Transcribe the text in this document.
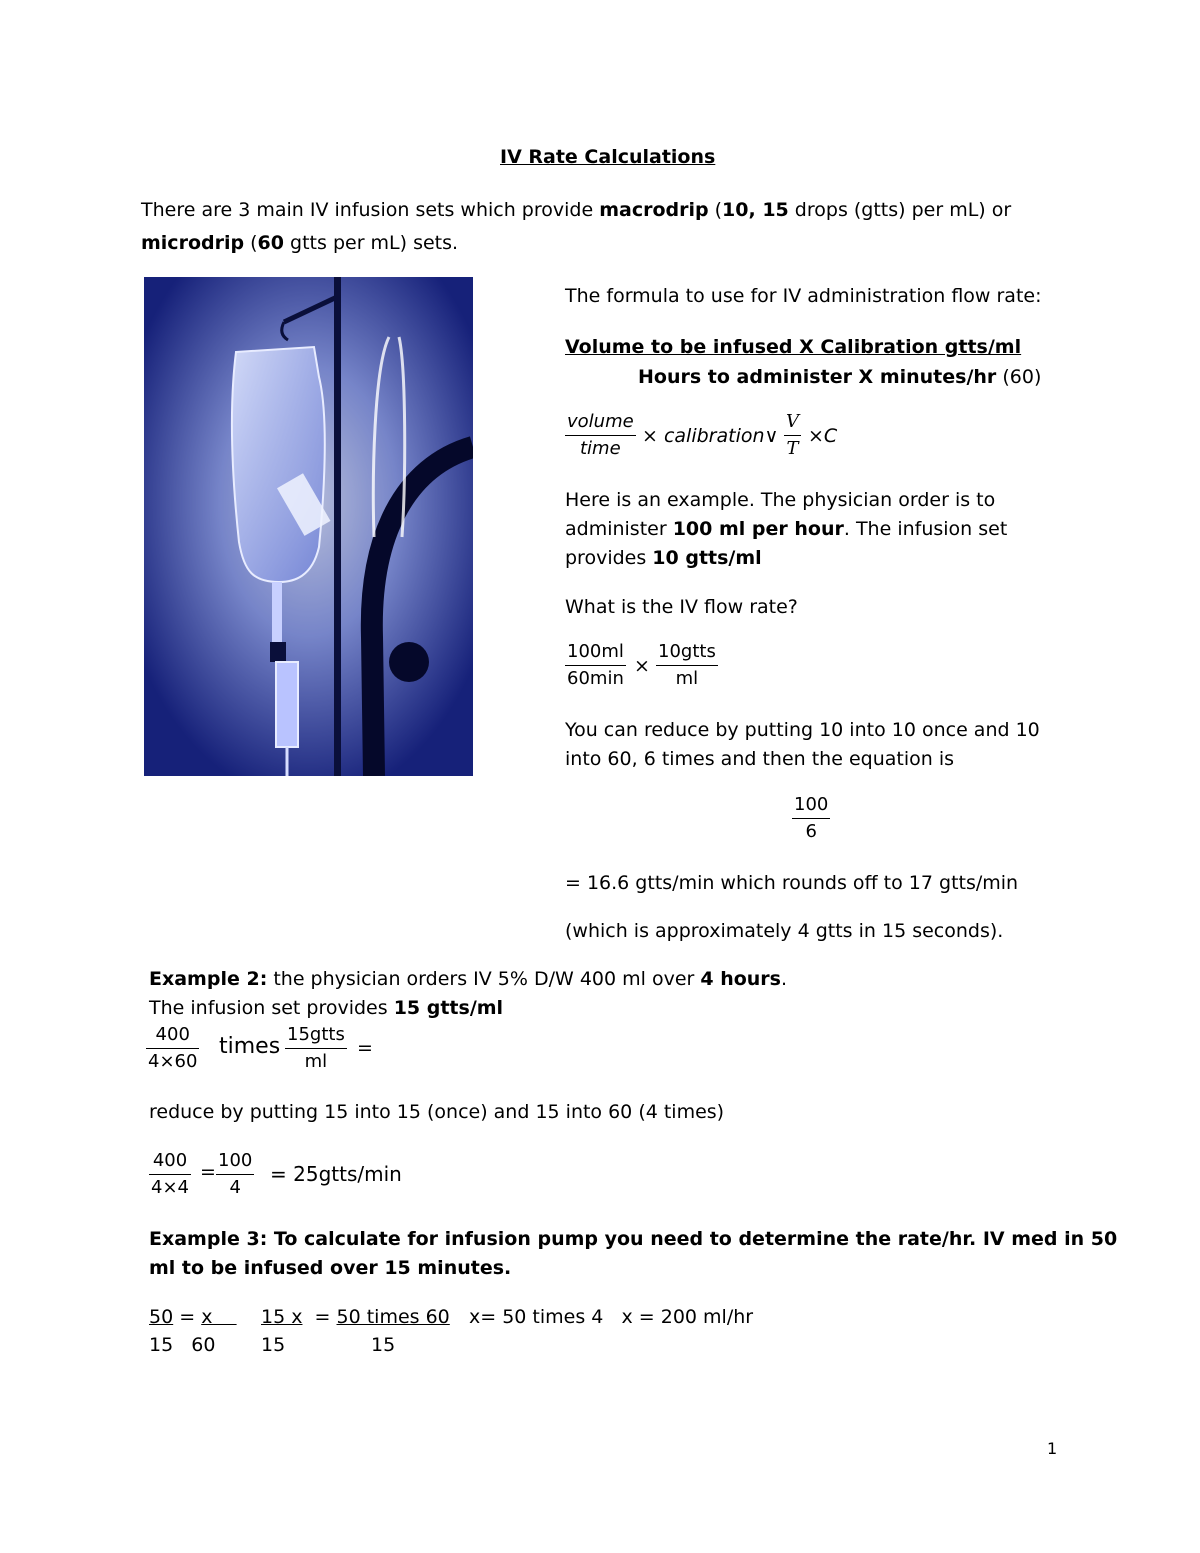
IV Rate Calculations
There are 3 main IV infusion sets which provide macrodrip (10, 15 drops (gtts) per mL) or
microdrip (60 gtts per mL) sets.
The formula to use for IV administration flow rate:
Volume to be infused X Calibration gtts/ml
Hours to administer X minutes/hr (60)
volume
time
× calibration∨ $\frac{V}{T} \times C$
Here is an example. The physician order is to
administer 100 ml per hour. The infusion set
provides 10 gtts/ml
What is the IV flow rate?
100ml
60min
×
10gtts
ml
You can reduce by putting 10 into 10 once and 10
into 60, 6 times and then the equation is
$\frac{100}{6}$
= 16.6 gtts/min which rounds off to 17 gtts/min
(which is approximately 4 gtts in 15 seconds).
Example 2: the physician orders IV 5% D/W 400 ml over 4 hours.
The infusion set provides 15 gtts/ml
$\frac{400}{4\times 60}$ times 15gtts
ml
=
reduce by putting 15 into 15 (once) and 15 into 60 (4 times)
$\frac{400}{4\times 4} = \frac{100}{4}$ = 25gtts/min
Example 3: To calculate for infusion pump you need to determine the rate/hr. IV med in 50
ml to be infused over 15 minutes.
50 = x
15   60
15 x  = 50 times 60
15	15
x= 50 times 4   x = 200 ml/hr
1
